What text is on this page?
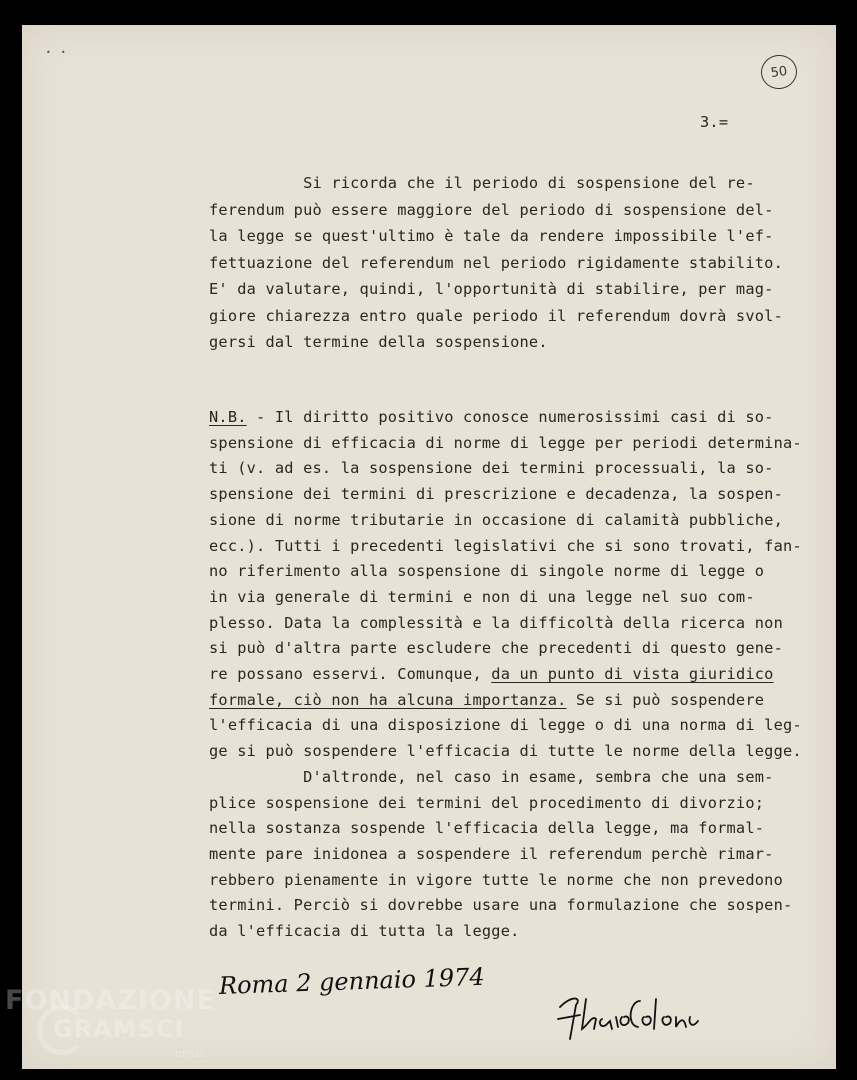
•    •
50
3.=
Si ricorda che il periodo di sospensione del re-
ferendum può essere maggiore del periodo di sospensione del-
la legge se quest'ultimo è tale da rendere impossibile l'ef-
fettuazione del referendum nel periodo rigidamente stabilito.
E' da valutare, quindi, l'opportunità di stabilire, per mag-
giore chiarezza entro quale periodo il referendum dovrà svol-
gersi dal termine della sospensione.
N.B. - Il diritto positivo conosce numerosissimi casi di so-
spensione di efficacia di norme di legge per periodi determina-
ti (v. ad es. la sospensione dei termini processuali, la so-
spensione dei termini di prescrizione e decadenza, la sospen-
sione di norme tributarie in occasione di calamità pubbliche,
ecc.). Tutti i precedenti legislativi che si sono trovati, fan-
no riferimento alla sospensione di singole norme di legge o
in via generale di termini e non di una legge nel suo com-
plesso. Data la complessità e la difficoltà della ricerca non
si può d'altra parte escludere che precedenti di questo gene-
re possano esservi. Comunque, da un punto di vista giuridico
formale, ciò non ha alcuna importanza. Se si può sospendere
l'efficacia di una disposizione di legge o di una norma di leg-
ge si può sospendere l'efficacia di tutte le norme della legge.
D'altronde, nel caso in esame, sembra che una sem-
plice sospensione dei termini del procedimento di divorzio;
nella sostanza sospende l'efficacia della legge, ma formal-
mente pare inidonea a sospendere il referendum perchè rimar-
rebbero pienamente in vigore tutte le norme che non prevedono
termini. Perciò si dovrebbe usare una formulazione che sospen-
da l'efficacia di tutta la legge.
Roma 2 gennaio 1974
FONDAZIONE
GRAMSCI
onlus
